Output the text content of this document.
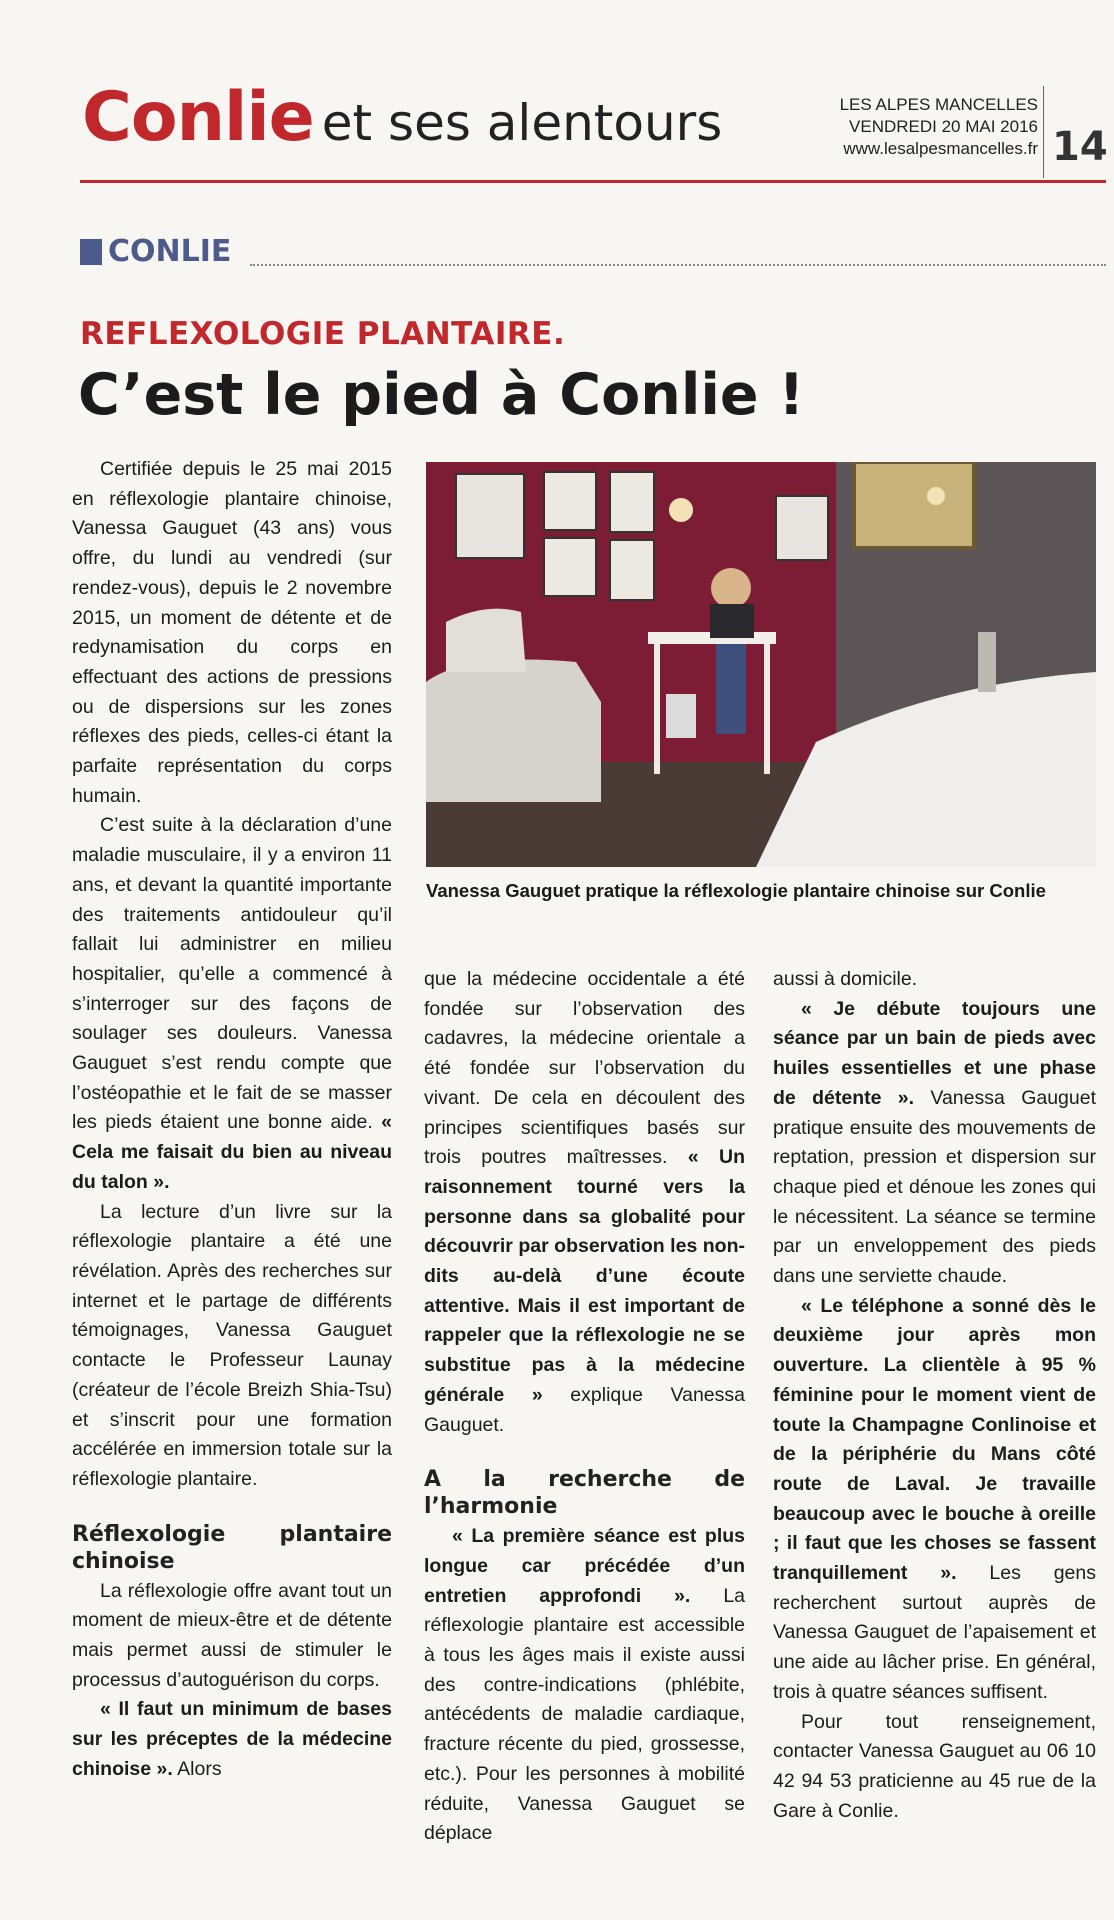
Conlie et ses alentours	LES ALPES MANCELLES
VENDREDI 20 MAI 2016
www.lesalpesmancelles.fr 14
CONLIE
REFLEXOLOGIE PLANTAIRE.
C’est le pied à Conlie !
Vanessa Gauguet pratique la réflexologie plantaire chinoise sur Conlie

Certifiée depuis le 25 mai 2015 en réflexologie plantaire chinoise, Vanessa Gauguet (43 ans) vous offre, du lundi au vendredi (sur rendez-vous), depuis le 2 novembre 2015, un moment de détente et de redynamisation du corps en effectuant des actions de pressions ou de dispersions sur les zones réflexes des pieds, celles-ci étant la parfaite représentation du corps humain.

C’est suite à la déclaration d’une maladie musculaire, il y a environ 11 ans, et devant la quantité importante des traitements antidouleur qu’il fallait lui administrer en milieu hospitalier, qu’elle a commencé à s’interroger sur des façons de soulager ses douleurs. Vanessa Gauguet s’est rendu compte que l’ostéopathie et le fait de se masser les pieds étaient une bonne aide. « Cela me faisait du bien au niveau du talon ».

La lecture d’un livre sur la réflexologie plantaire a été une révélation. Après des recherches sur internet et le partage de différents témoignages, Vanessa Gauguet contacte le Professeur Launay (créateur de l’école Breizh Shia-Tsu) et s’inscrit pour une formation accélérée en immersion totale sur la réflexologie plantaire.

Réflexologie plantaire chinoise

La réflexologie offre avant tout un moment de mieux-être et de détente mais permet aussi de stimuler le processus d’autoguérison du corps.

« Il faut un minimum de bases sur les préceptes de la médecine chinoise ». Alors

que la médecine occidentale a été fondée sur l’observation des cadavres, la médecine orientale a été fondée sur l’observation du vivant. De cela en découlent des principes scientifiques basés sur trois poutres maîtresses. « Un raisonnement tourné vers la personne dans sa globalité pour découvrir par observation les non-dits au-delà d’une écoute attentive. Mais il est important de rappeler que la réflexologie ne se substitue pas à la médecine générale » explique Vanessa Gauguet.

A la recherche de l’harmonie

« La première séance est plus longue car précédée d’un entretien approfondi ». La réflexologie plantaire est accessible à tous les âges mais il existe aussi des contre-indications (phlébite, antécédents de maladie cardiaque, fracture récente du pied, grossesse, etc.). Pour les personnes à mobilité réduite, Vanessa Gauguet se déplace

aussi à domicile.

« Je débute toujours une séance par un bain de pieds avec huiles essentielles et une phase de détente ». Vanessa Gauguet pratique ensuite des mouvements de reptation, pression et dispersion sur chaque pied et dénoue les zones qui le nécessitent. La séance se termine par un enveloppement des pieds dans une serviette chaude.

« Le téléphone a sonné dès le deuxième jour après mon ouverture. La clientèle à 95 % féminine pour le moment vient de toute la Champagne Conlinoise et de la périphérie du Mans côté route de Laval. Je travaille beaucoup avec le bouche à oreille ; il faut que les choses se fassent tranquillement ». Les gens recherchent surtout auprès de Vanessa Gauguet de l’apaisement et une aide au lâcher prise. En général, trois à quatre séances suffisent.

Pour tout renseignement, contacter Vanessa Gauguet au 06 10 42 94 53 praticienne au 45 rue de la Gare à Conlie.
